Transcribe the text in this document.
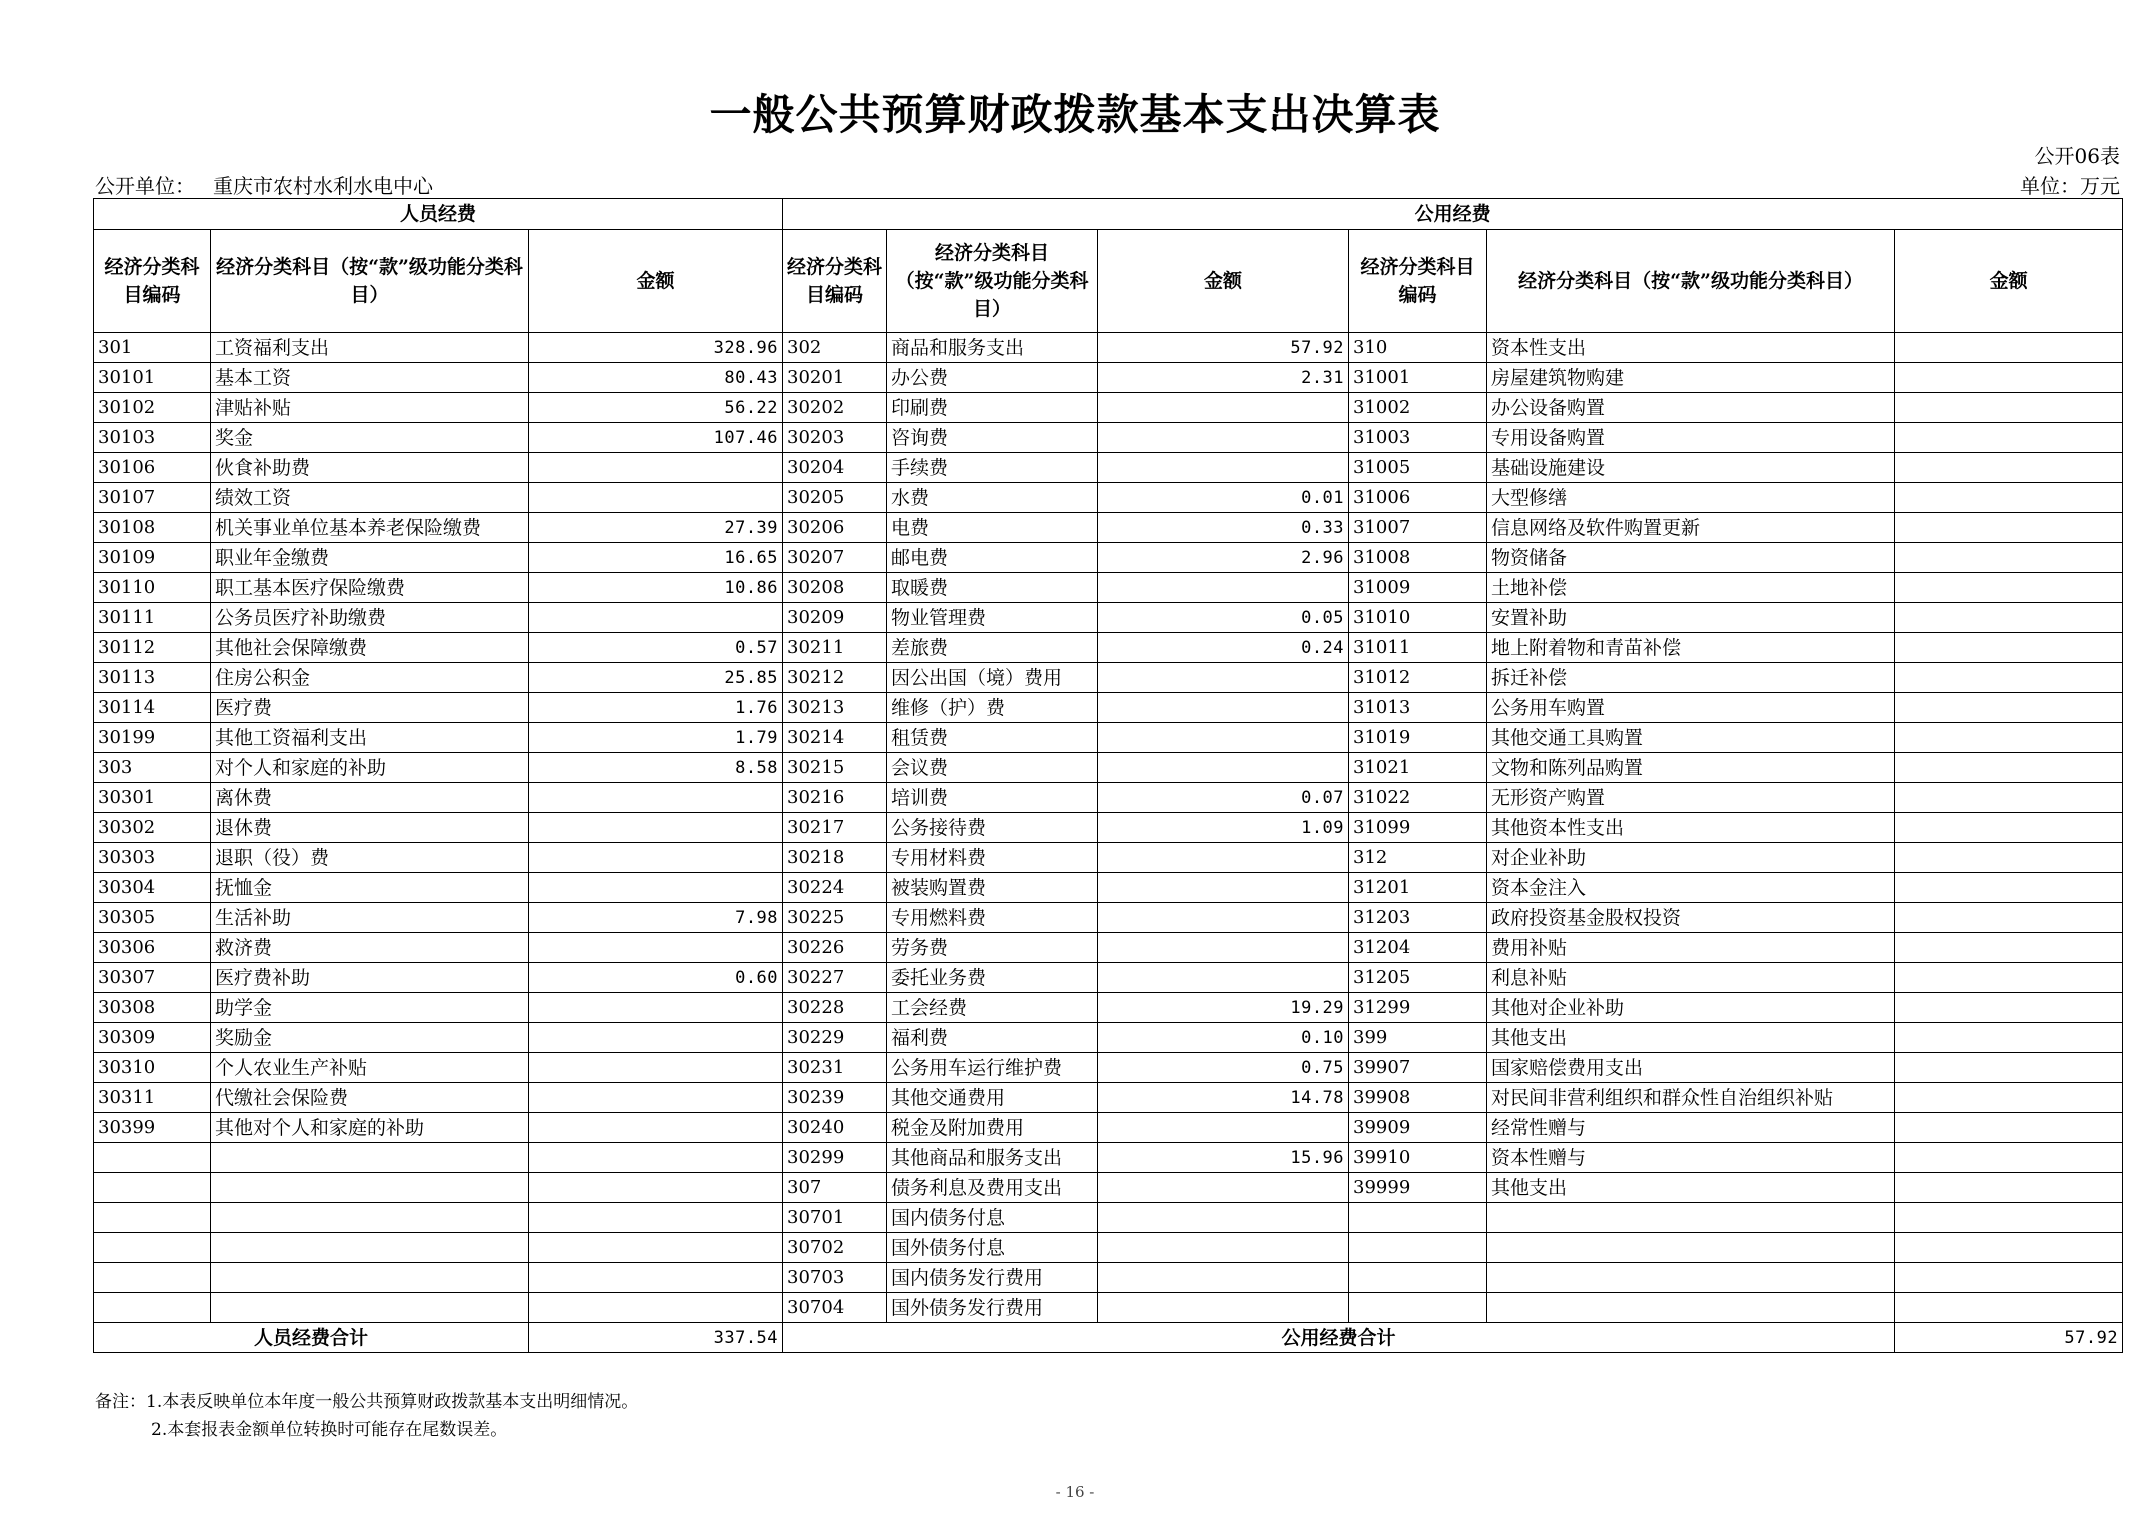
一般公共预算财政拨款基本支出决算表
公开06表
公开单位： 重庆市农村水利水电中心	单位：万元
人员经费			公用经费					
经济分类科目编码	经济分类科目（按“款”级功能分类科目）	金额	经济分类科目编码	经济分类科目（按“款”级功能分类科目）	金额	经济分类科目编码	经济分类科目（按“款”级功能分类科目）	金额
301	工资福利支出	328.96	302	商品和服务支出	57.92	310	资本性支出	
30101	基本工资	80.43	30201	办公费	2.31	31001	房屋建筑物购建	
30102	津贴补贴	56.22	30202	印刷费		31002	办公设备购置	
30103	奖金	107.46	30203	咨询费		31003	专用设备购置	
30106	伙食补助费		30204	手续费		31005	基础设施建设	
30107	绩效工资		30205	水费	0.01	31006	大型修缮	
30108	机关事业单位基本养老保险缴费	27.39	30206	电费	0.33	31007	信息网络及软件购置更新	
30109	职业年金缴费	16.65	30207	邮电费	2.96	31008	物资储备	
30110	职工基本医疗保险缴费	10.86	30208	取暖费		31009	土地补偿	
30111	公务员医疗补助缴费		30209	物业管理费	0.05	31010	安置补助	
30112	其他社会保障缴费	0.57	30211	差旅费	0.24	31011	地上附着物和青苗补偿	
30113	住房公积金	25.85	30212	因公出国（境）费用		31012	拆迁补偿	
30114	医疗费	1.76	30213	维修（护）费		31013	公务用车购置	
30199	其他工资福利支出	1.79	30214	租赁费		31019	其他交通工具购置	
303	对个人和家庭的补助	8.58	30215	会议费		31021	文物和陈列品购置	
30301	离休费		30216	培训费	0.07	31022	无形资产购置	
30302	退休费		30217	公务接待费	1.09	31099	其他资本性支出	
30303	退职（役）费		30218	专用材料费		312	对企业补助	
30304	抚恤金		30224	被装购置费		31201	资本金注入	
30305	生活补助	7.98	30225	专用燃料费		31203	政府投资基金股权投资	
30306	救济费		30226	劳务费		31204	费用补贴	
30307	医疗费补助	0.60	30227	委托业务费		31205	利息补贴	
30308	助学金		30228	工会经费	19.29	31299	其他对企业补助	
30309	奖励金		30229	福利费	0.10	399	其他支出	
30310	个人农业生产补贴		30231	公务用车运行维护费	0.75	39907	国家赔偿费用支出	
30311	代缴社会保险费		30239	其他交通费用	14.78	39908	对民间非营利组织和群众性自治组织补贴	
30399	其他对个人和家庭的补助		30240	税金及附加费用		39909	经常性赠与	
			30299	其他商品和服务支出	15.96	39910	资本性赠与	
			307	债务利息及费用支出		39999	其他支出	
			30701	国内债务付息				
			30702	国外债务付息				
			30703	国内债务发行费用				
			30704	国外债务发行费用				
人员经费合计		337.54	公用经费合计					57.92
备注：1.本表反映单位本年度一般公共预算财政拨款基本支出明细情况。
2.本套报表金额单位转换时可能存在尾数误差。
- 16 -
